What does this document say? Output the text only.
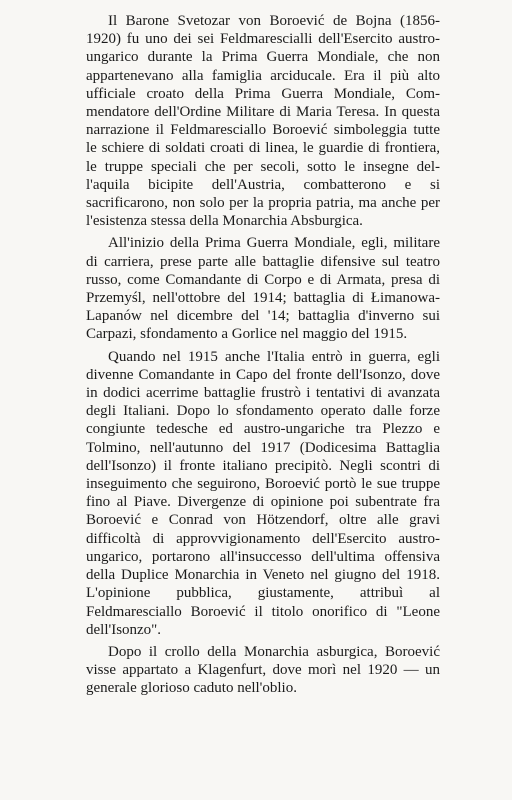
Il Barone Svetozar von Boroević de Bojna (1856-1920) fu uno dei sei Feldmarescialli dell'Esercito austro-ungarico durante la Prima Guerra Mondiale, che non appartenevano alla famiglia arciducale. Era il più alto ufficiale croato della Prima Guerra Mondiale, Commendatore dell'Ordine Militare di Maria Teresa. In questa narrazione il Feldmaresciallo Boroević simboleggia tutte le schiere di soldati croati di linea, le guardie di frontiera, le truppe speciali che per secoli, sotto le insegne dell'aquila bicipite dell'Austria, combatterono e si sacrificarono, non solo per la propria patria, ma anche per l'esistenza stessa della Monarchia Absburgica.

All'inizio della Prima Guerra Mondiale, egli, militare di carriera, prese parte alle battaglie difensive sul teatro russo, come Comandante di Corpo e di Armata, presa di Przemyśl, nell'ottobre del 1914; battaglia di Łimanowa-Lapanów nel dicembre del '14; battaglia d'inverno sui Carpazi, sfondamento a Gorlice nel maggio del 1915.

Quando nel 1915 anche l'Italia entrò in guerra, egli divenne Comandante in Capo del fronte dell'Isonzo, dove in dodici acerrime battaglie frustrò i tentativi di avanzata degli Italiani. Dopo lo sfondamento operato dalle forze congiunte tedesche ed austro-ungariche tra Plezzo e Tolmino, nell'autunno del 1917 (Dodicesima Battaglia dell'Isonzo) il fronte italiano precipitò. Negli scontri di inseguimento che seguirono, Boroević portò le sue truppe fino al Piave. Divergenze di opinione poi subentrate fra Boroević e Conrad von Hötzendorf, oltre alle gravi difficoltà di approvvigionamento dell'Esercito austro-ungarico, portarono all'insuccesso dell'ultima offensiva della Duplice Monarchia in Veneto nel giugno del 1918. L'opinione pubblica, giustamente, attribuì al Feldmaresciallo Boroević il titolo onorifico di "Leone dell'Isonzo".

Dopo il crollo della Monarchia asburgica, Boroević visse appartato a Klagenfurt, dove morì nel 1920 — un generale glorioso caduto nell'oblio.
